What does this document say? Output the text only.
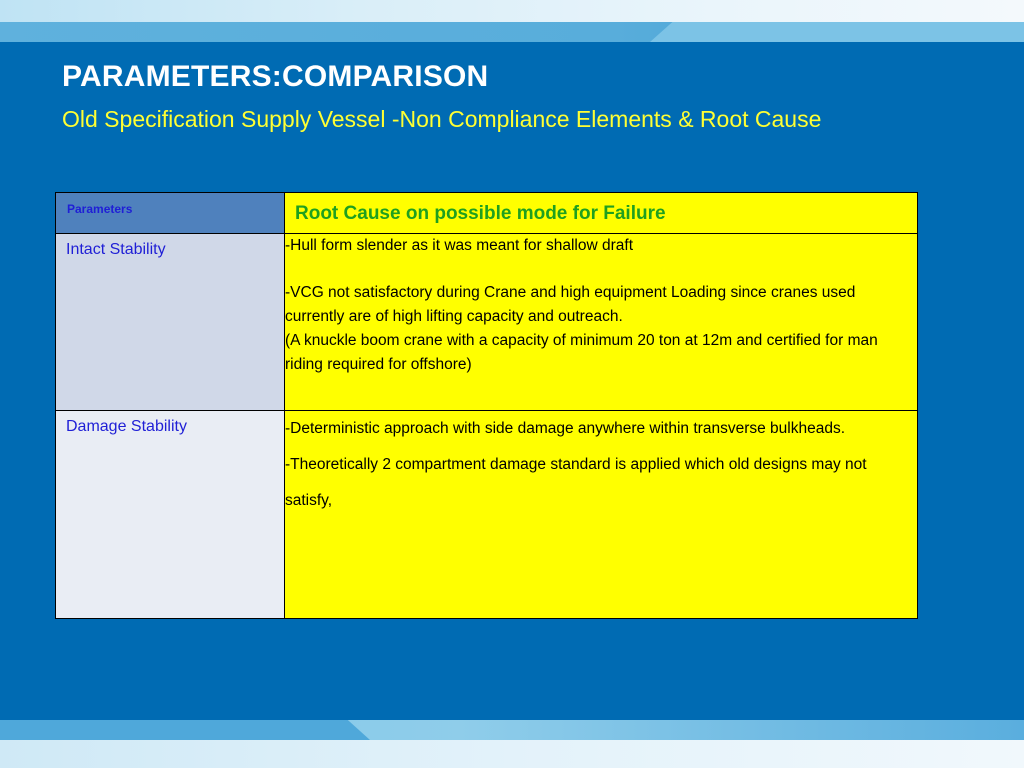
PARAMETERS:COMPARISON
Old Specification Supply Vessel -Non Compliance Elements & Root Cause
Parameters	Root Cause on possible mode for Failure

Intact Stability	-Hull form slender as it was meant for shallow draft

-VCG not satisfactory during Crane and high equipment Loading since cranes used currently are of high lifting capacity and outreach.

(A knuckle boom crane with a capacity of minimum 20 ton at 12m and certified for man riding required for offshore)

Damage Stability	-Deterministic approach with side damage anywhere within transverse bulkheads.

-Theoretically 2 compartment damage standard is applied which old designs may not satisfy,
